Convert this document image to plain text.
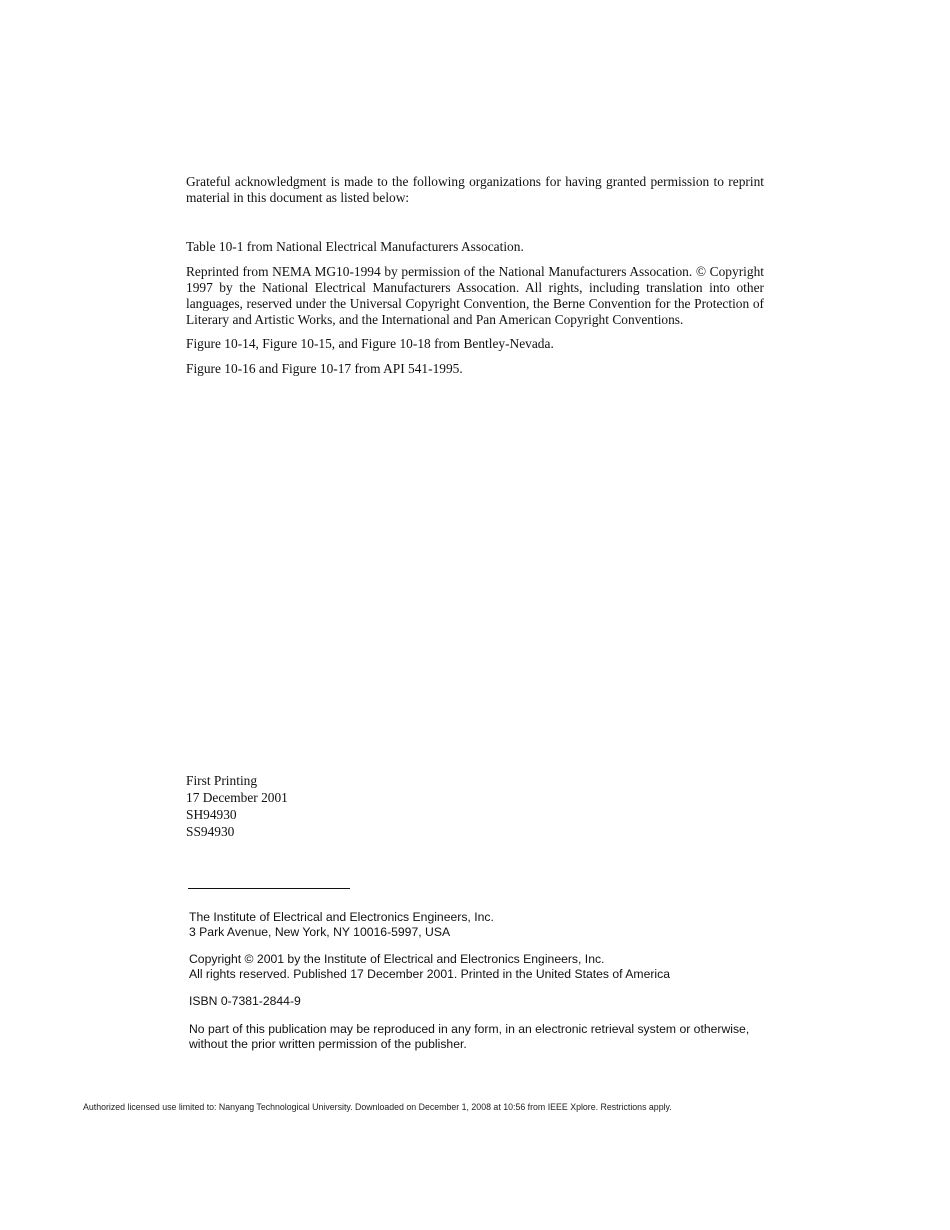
Grateful acknowledgment is made to the following organizations for having granted permission to reprint material in this document as listed below:

Table 10-1 from National Electrical Manufacturers Assocation.

Reprinted from NEMA MG10-1994 by permission of the National Manufacturers Assocation. © Copyright 1997 by the National Electrical Manufacturers Assocation. All rights, including translation into other languages, reserved under the Universal Copyright Convention, the Berne Convention for the Protection of Literary and Artistic Works, and the International and Pan American Copyright Conventions.

Figure 10-14, Figure 10-15, and Figure 10-18 from Bentley-Nevada.

Figure 10-16 and Figure 10-17 from API 541-1995.

First Printing
17 December 2001
SH94930
SS94930
The Institute of Electrical and Electronics Engineers, Inc.
3 Park Avenue, New York, NY 10016-5997, USA
Copyright © 2001 by the Institute of Electrical and Electronics Engineers, Inc.
All rights reserved. Published 17 December 2001. Printed in the United States of America
ISBN 0-7381-2844-9
No part of this publication may be reproduced in any form, in an electronic retrieval system or otherwise,
without the prior written permission of the publisher.
Authorized licensed use limited to: Nanyang Technological University. Downloaded on December 1, 2008 at 10:56 from IEEE Xplore. Restrictions apply.
